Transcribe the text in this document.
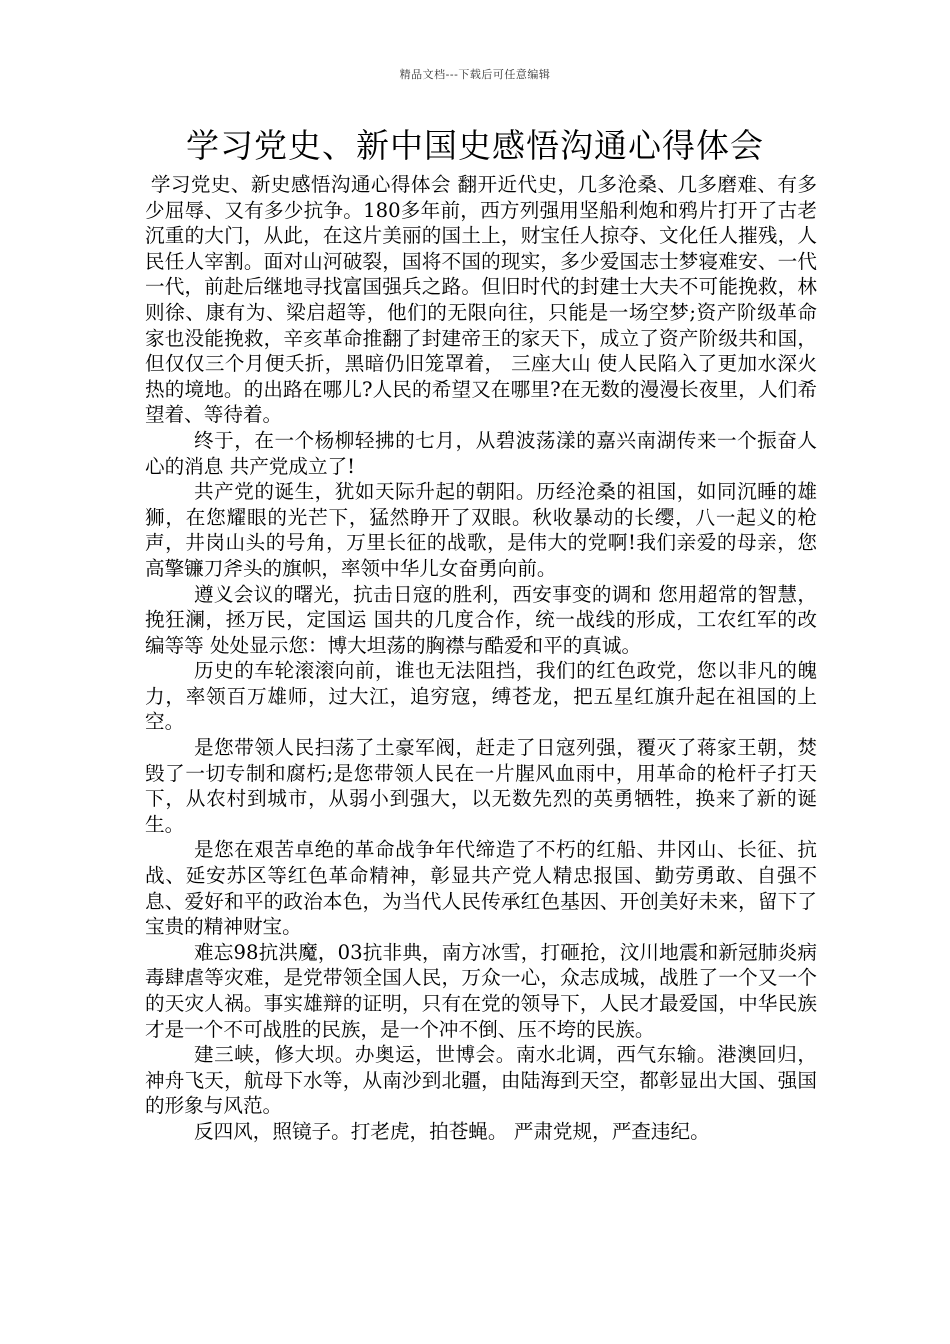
精品文档---下载后可任意编辑
学习党史、新中国史感悟沟通心得体会

学习党史、新史感悟沟通心得体会 翻开近代史，几多沧桑、几多磨难、有多少屈辱、又有多少抗争。180多年前，西方列强用坚船利炮和鸦片打开了古老沉重的大门，从此，在这片美丽的国土上，财宝任人掠夺、文化任人摧残，人民任人宰割。面对山河破裂，国将不国的现实，多少爱国志士梦寝难安、一代一代，前赴后继地寻找富国强兵之路。但旧时代的封建士大夫不可能挽救，林则徐、康有为、梁启超等，他们的无限向往，只能是一场空梦;资产阶级革命家也没能挽救，辛亥革命推翻了封建帝王的家天下，成立了资产阶级共和国，但仅仅三个月便夭折，黑暗仍旧笼罩着， 三座大山 使人民陷入了更加水深火热的境地。的出路在哪儿?人民的希望又在哪里?在无数的漫漫长夜里，人们希望着、等待着。

终于，在一个杨柳轻拂的七月，从碧波荡漾的嘉兴南湖传来一个振奋人心的消息 共产党成立了!

共产党的诞生，犹如天际升起的朝阳。历经沧桑的祖国，如同沉睡的雄狮，在您耀眼的光芒下，猛然睁开了双眼。秋收暴动的长缨，八一起义的枪声，井岗山头的号角，万里长征的战歌，是伟大的党啊!我们亲爱的母亲，您高擎镰刀斧头的旗帜，率领中华儿女奋勇向前。

遵义会议的曙光，抗击日寇的胜利，西安事变的调和 您用超常的智慧，挽狂澜，拯万民，定国运 国共的几度合作，统一战线的形成，工农红军的改编等等 处处显示您：博大坦荡的胸襟与酷爱和平的真诚。

历史的车轮滚滚向前，谁也无法阻挡，我们的红色政党，您以非凡的魄力，率领百万雄师，过大江，追穷寇，缚苍龙，把五星红旗升起在祖国的上空。

是您带领人民扫荡了土豪军阀，赶走了日寇列强，覆灭了蒋家王朝，焚毁了一切专制和腐朽;是您带领人民在一片腥风血雨中，用革命的枪杆子打天下，从农村到城市，从弱小到强大，以无数先烈的英勇牺牲，换来了新的诞生。

是您在艰苦卓绝的革命战争年代缔造了不朽的红船、井冈山、长征、抗战、延安苏区等红色革命精神，彰显共产党人精忠报国、勤劳勇敢、自强不息、爱好和平的政治本色，为当代人民传承红色基因、开创美好未来，留下了宝贵的精神财宝。

难忘98抗洪魔，03抗非典，南方冰雪，打砸抢，汶川地震和新冠肺炎病毒肆虐等灾难，是党带领全国人民，万众一心，众志成城，战胜了一个又一个的天灾人祸。事实雄辩的证明，只有在党的领导下，人民才最爱国，中华民族才是一个不可战胜的民族，是一个冲不倒、压不垮的民族。

建三峡，修大坝。办奥运，世博会。南水北调，西气东输。港澳回归，神舟飞天，航母下水等，从南沙到北疆，由陆海到天空，都彰显出大国、强国的形象与风范。

反四风，照镜子。打老虎，拍苍蝇。 严肃党规，严查违纪。
